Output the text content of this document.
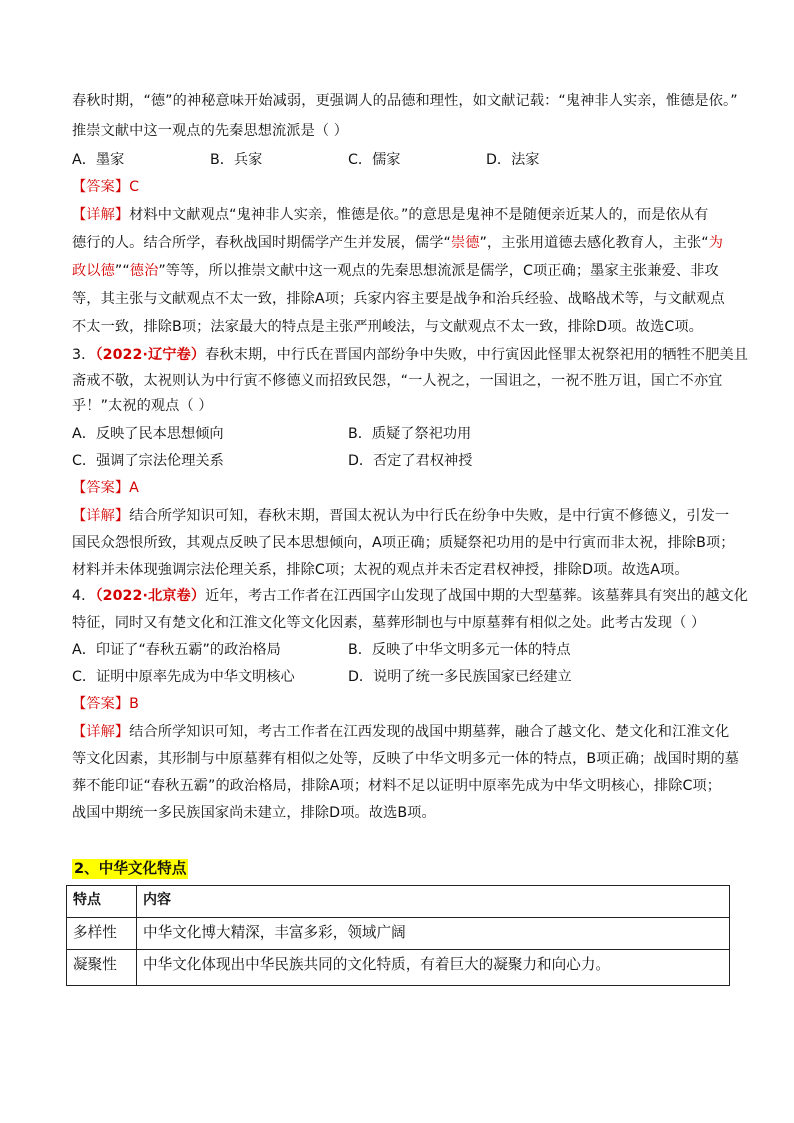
春秋时期，“德”的神秘意味开始减弱，更强调人的品德和理性，如文献记载：“鬼神非人实亲，惟德是依。”
推崇文献中这一观点的先秦思想流派是（ ）
A．墨家	B．兵家	C．儒家	D．法家
【答案】C
【详解】材料中文献观点“鬼神非人实亲，惟德是依。”的意思是鬼神不是随便亲近某人的，而是依从有
德行的人。结合所学，春秋战国时期儒学产生并发展，儒学“崇德”，主张用道德去感化教育人，主张“为
政以德”“德治”等等，所以推崇文献中这一观点的先秦思想流派是儒学，C项正确；墨家主张兼爱、非攻
等，其主张与文献观点不太一致，排除A项；兵家内容主要是战争和治兵经验、战略战术等，与文献观点
不太一致，排除B项；法家最大的特点是主张严刑峻法，与文献观点不太一致，排除D项。故选C项。
3．（2022·辽宁卷）春秋末期，中行氏在晋国内部纷争中失败，中行寅因此怪罪太祝祭祀用的牺牲不肥美且
斋戒不敬，太祝则认为中行寅不修德义而招致民怨，“一人祝之，一国诅之，一祝不胜万诅，国亡不亦宜
乎！”太祝的观点（ ）
A．反映了民本思想倾向	B．质疑了祭祀功用
C．强调了宗法伦理关系	D．否定了君权神授
【答案】A
【详解】结合所学知识可知，春秋末期，晋国太祝认为中行氏在纷争中失败，是中行寅不修德义，引发一
国民众怨恨所致，其观点反映了民本思想倾向，A项正确；质疑祭祀功用的是中行寅而非太祝，排除B项；
材料并未体现強调宗法伦理关系，排除C项；太祝的观点并未否定君权神授，排除D项。故选A项。
4．（2022·北京卷）近年，考古工作者在江西国字山发现了战国中期的大型墓葬。该墓葬具有突出的越文化
特征，同时又有楚文化和江淮文化等文化因素，墓葬形制也与中原墓葬有相似之处。此考古发现（ ）
A．印证了“春秋五霸”的政治格局	B．反映了中华文明多元一体的特点
C．证明中原率先成为中华文明核心	D．说明了统一多民族国家已经建立
【答案】B
【详解】结合所学知识可知，考古工作者在江西发现的战国中期墓葬，融合了越文化、楚文化和江淮文化
等文化因素，其形制与中原墓葬有相似之处等，反映了中华文明多元一体的特点，B项正确；战国时期的墓
葬不能印证“春秋五霸”的政治格局，排除A项；材料不足以证明中原率先成为中华文明核心，排除C项；
战国中期统一多民族国家尚未建立，排除D项。故选B项。
2、中华文化特点
特点	内容
多样性	中华文化博大精深，丰富多彩，领域广阔
凝聚性	中华文化体现出中华民族共同的文化特质，有着巨大的凝聚力和向心力。
